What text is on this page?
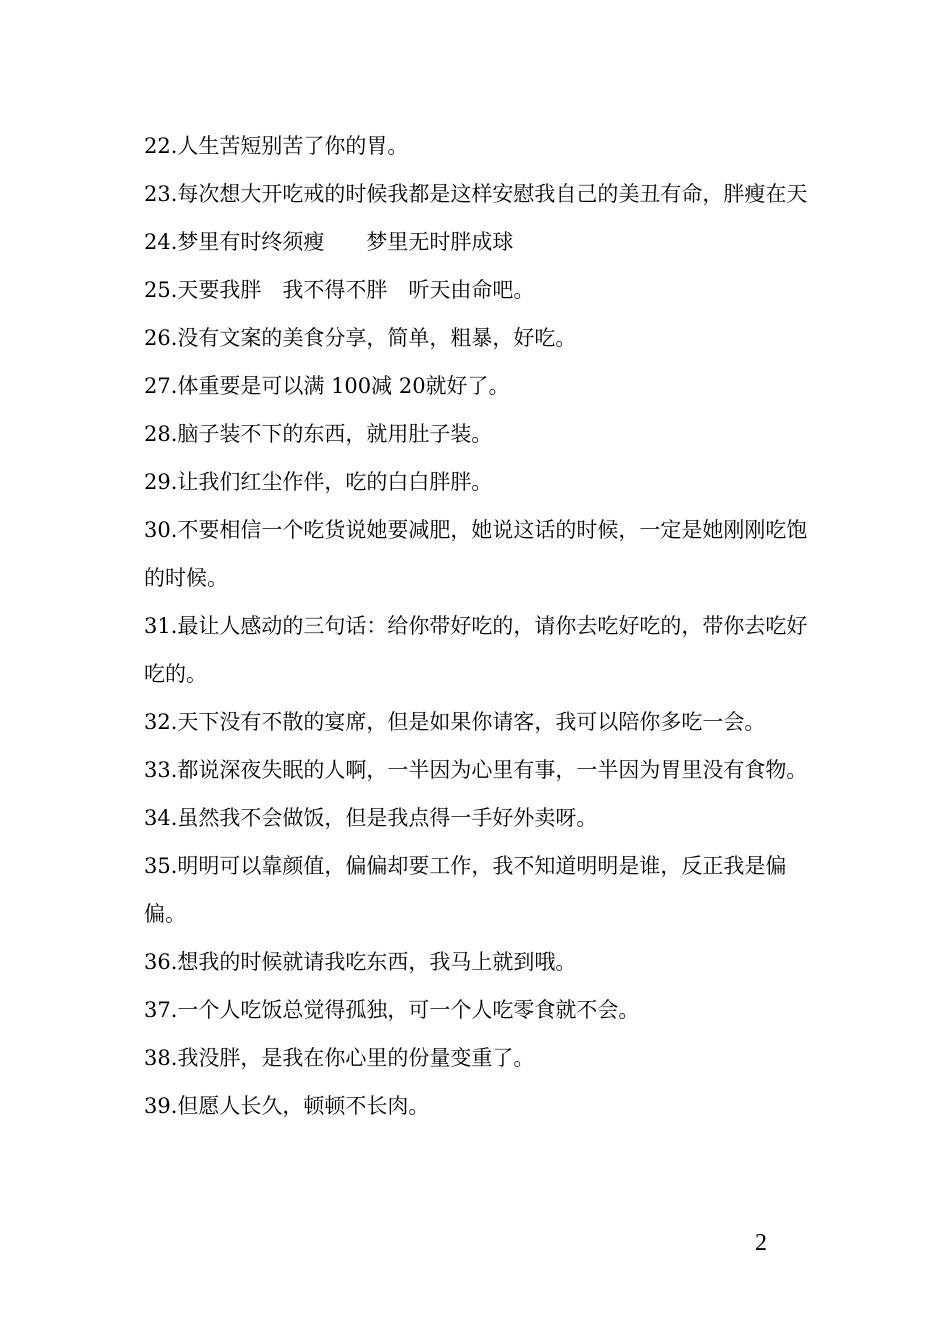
22.人生苦短别苦了你的胃。

23.每次想大开吃戒的时候我都是这样安慰我自己的美丑有命，胖瘦在天

24.梦里有时终须瘦　　梦里无时胖成球

25.天要我胖　我不得不胖　听天由命吧。

26.没有文案的美食分享，简单，粗暴，好吃。

27.体重要是可以满 100减 20就好了。

28.脑子装不下的东西，就用肚子装。

29.让我们红尘作伴，吃的白白胖胖。

30.不要相信一个吃货说她要减肥，她说这话的时候，一定是她刚刚吃饱的时候。

31.最让人感动的三句话：给你带好吃的，请你去吃好吃的，带你去吃好吃的。

32.天下没有不散的宴席，但是如果你请客，我可以陪你多吃一会。

33.都说深夜失眠的人啊，一半因为心里有事，一半因为胃里没有食物。

34.虽然我不会做饭，但是我点得一手好外卖呀。

35.明明可以靠颜值，偏偏却要工作，我不知道明明是谁，反正我是偏偏。

36.想我的时候就请我吃东西，我马上就到哦。

37.一个人吃饭总觉得孤独，可一个人吃零食就不会。

38.我没胖，是我在你心里的份量变重了。

39.但愿人长久，顿顿不长肉。

2
